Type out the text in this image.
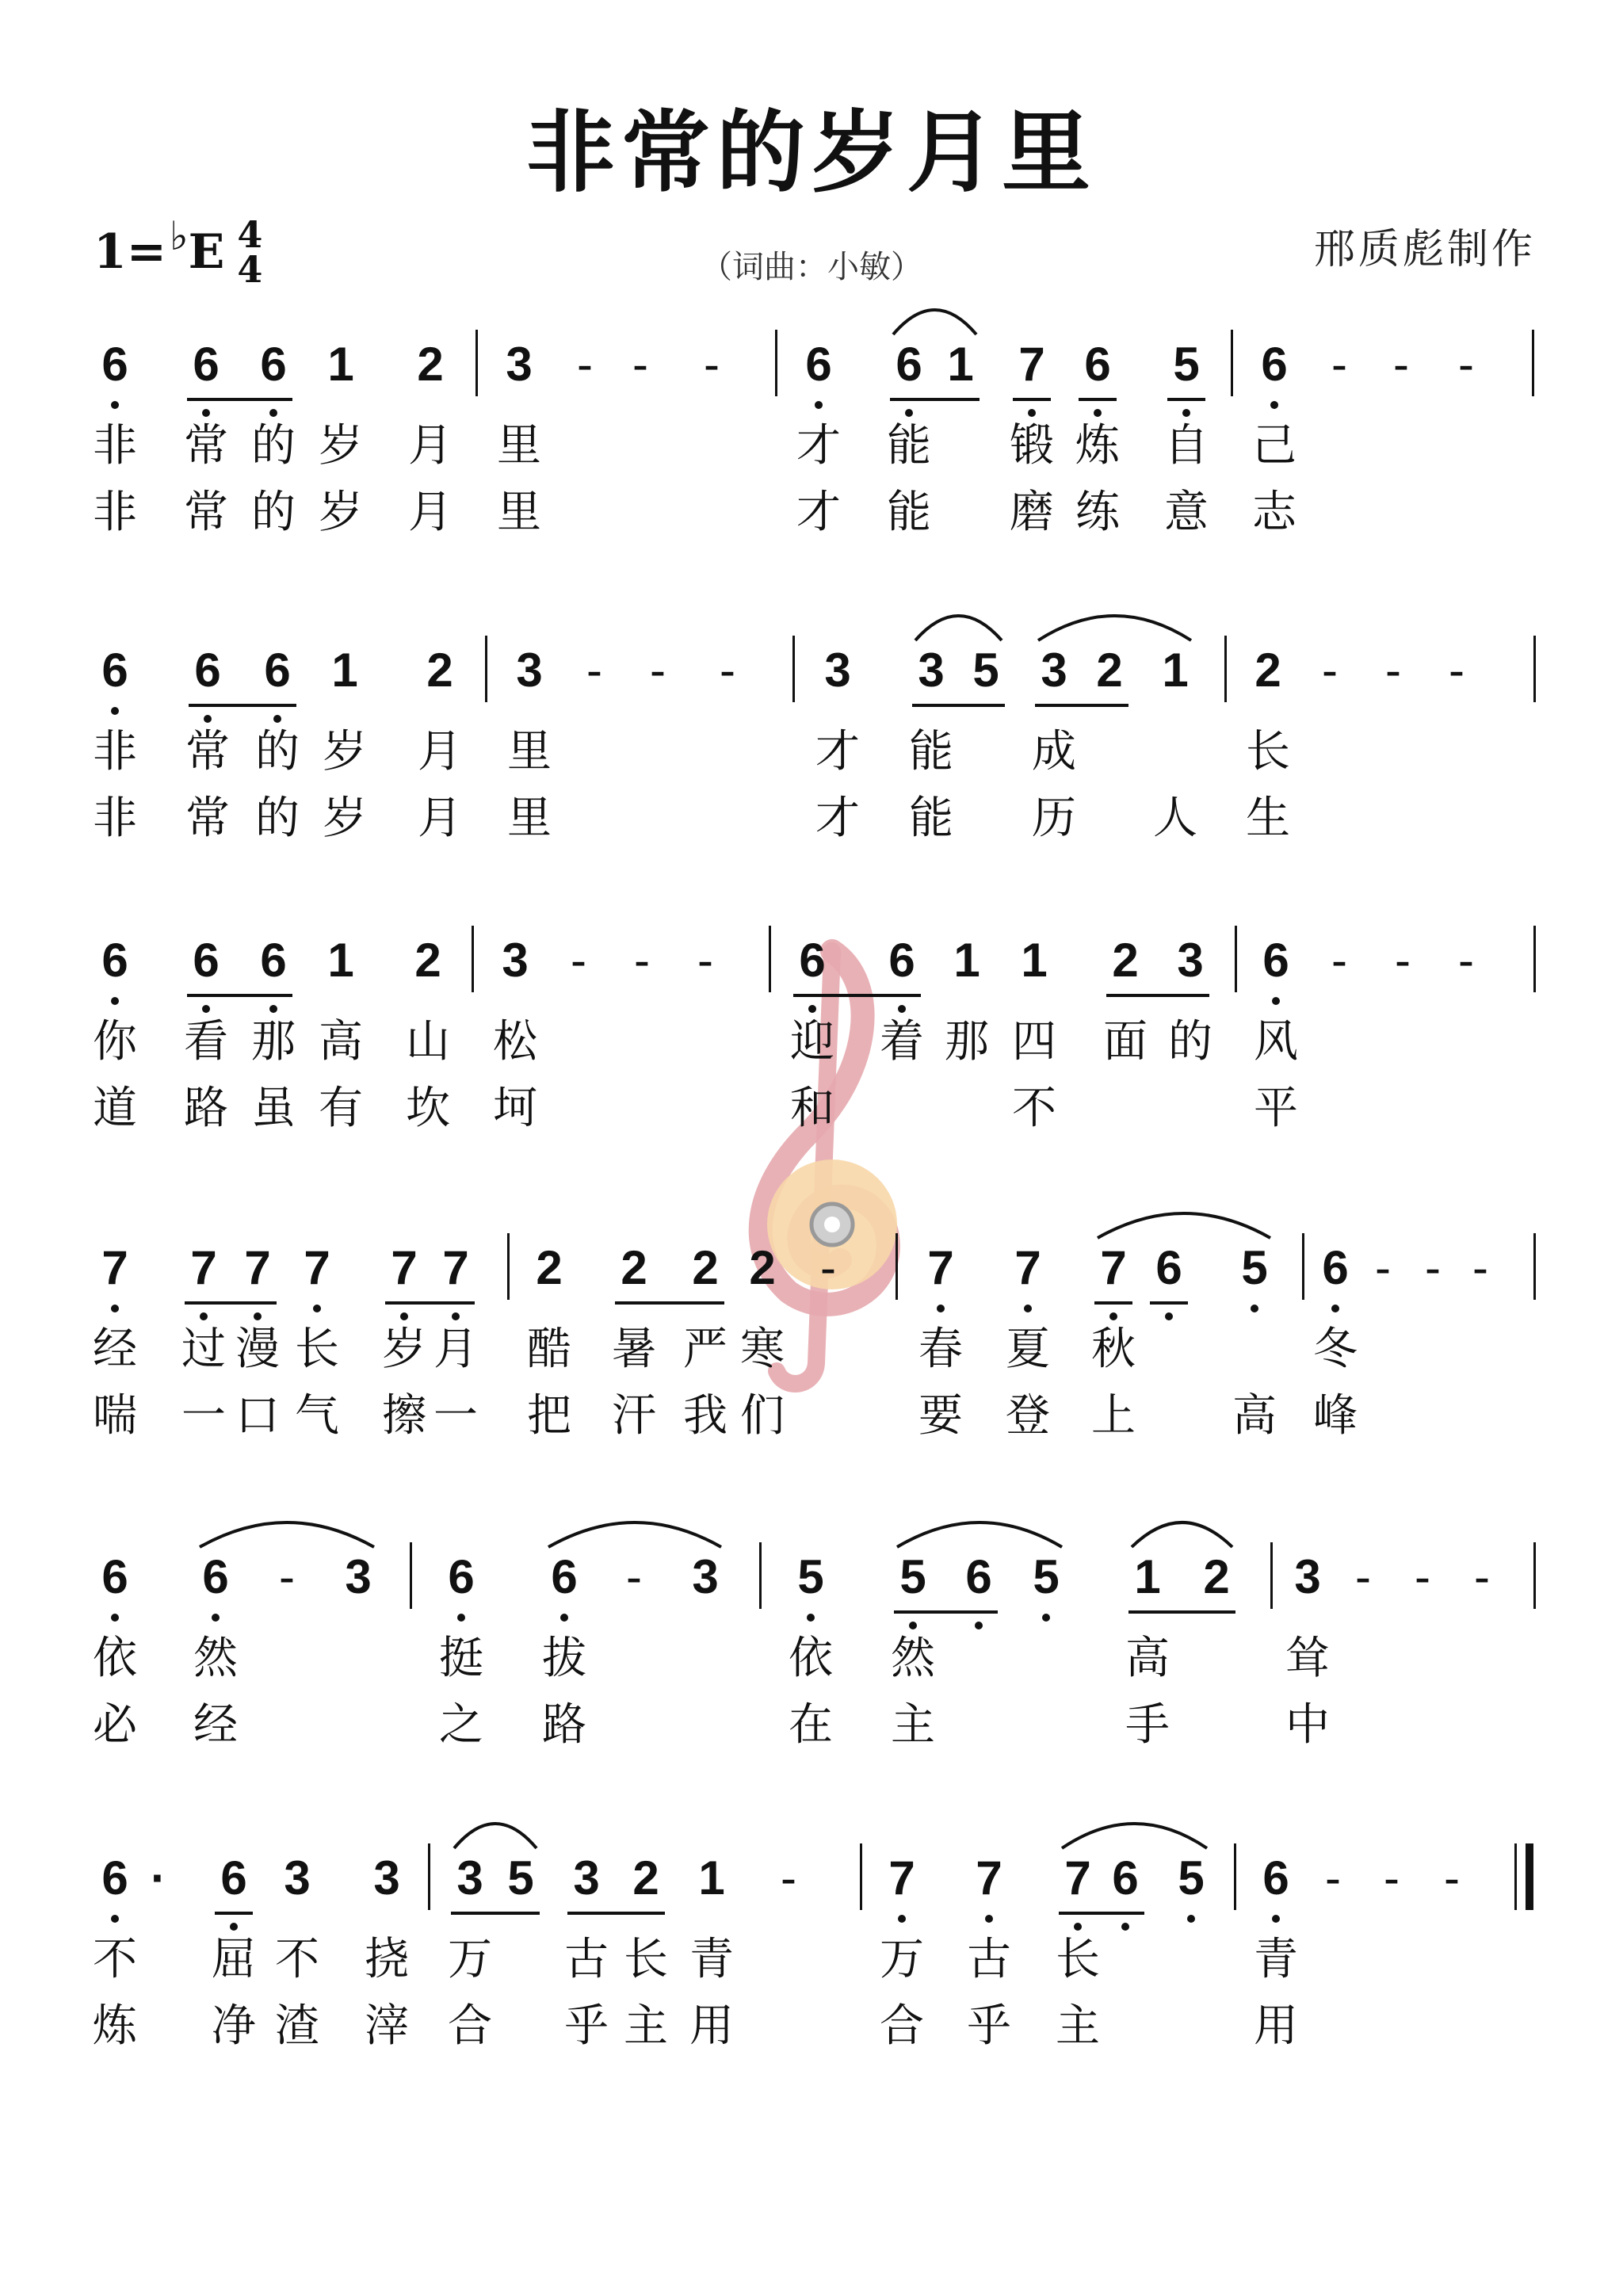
非常的岁月里
1= ♭ E 4
4	（词曲：小敏）	邢质彪制作
6	6 6 1	2	3 - -	-	6	6 1 7 6	5	6 - -	-
非 常 的 岁 月 里	才 能 锻 炼 自 己
非 常 的 岁 月 里	才 能 磨 练 意 志
6	6 6 1	2	3 -	-	-	3	3 5 3 2 1	2 -	-	-
非 常 的 岁 月 里	才 能 成	长
非 常 的 岁 月 里	才 能 历 人 生
6	6 6 1	2	3 -	-	-	6	6 1 1	2 3	6 -	-	-
你 看 那 高 山 松	迎 着 那 四 面 的 风
道 路 虽 有 坎 坷	和	不	平
7	7 7 7	7 7	2	2 2 2 -	7	7	7 6	5	6 - - -
经 过 漫 长 岁 月 酷 暑 严 寒	春 夏 秋	冬
喘 一 口 气 擦 一 把 汗 我 们	要 登 上 高 峰
6	6	-	3	6	6	-	3	5	5 6 5	1 2	3 - - -
依 然	挺 拔	依 然	高	耸
必 经	之 路	在 主	手	中
6 ·	6 3	3	3 5 3 2 1	-	7	7	7 6 5	6 - - -
不 屈 不 挠 万 古 长 青	万 古 长	青
炼 净 渣 滓 合 乎 主 用	合 乎 主	用
